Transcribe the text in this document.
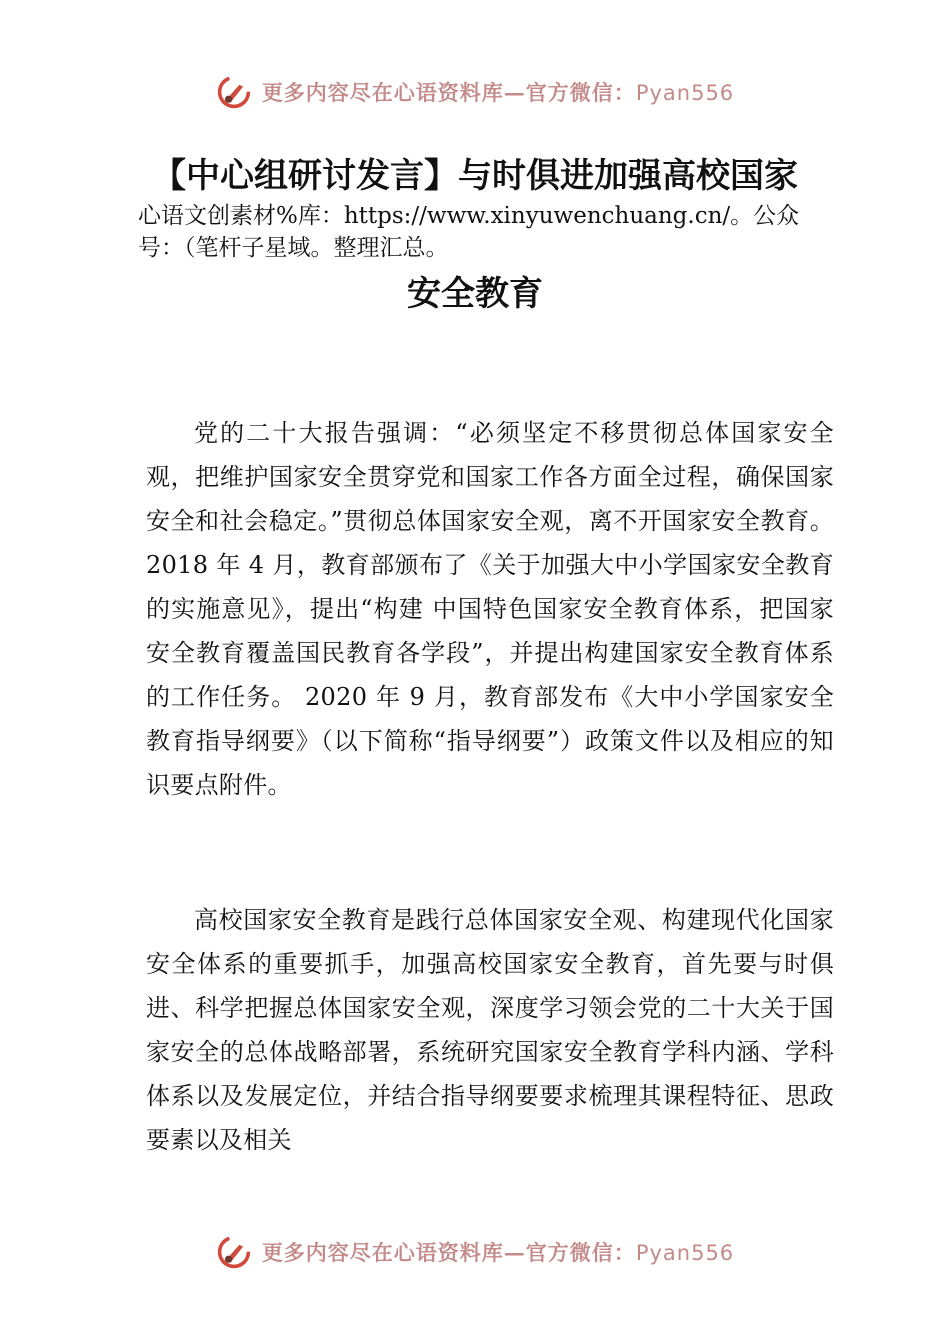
更多内容尽在心语资料库—官方微信：Pyan556
【中心组研讨发言】与时俱进加强高校国家

心语文创素材%库：https://www.xinyuwenchuang.cn/。公众号：（笔杆子星域。整理汇总。

安全教育

党的二十大报告强调：“必须坚定不移贯彻总体国家安全观，把维护国家安全贯穿党和国家工作各方面全过程，确保国家安全和社会稳定。”贯彻总体国家安全观，离不开国家安全教育。2018 年 4 月，教育部颁布了《关于加强大中小学国家安全教育的实施意见》，提出“构建 中国特色国家安全教育体系，把国家安全教育覆盖国民教育各学段”，并提出构建国家安全教育体系的工作任务。 2020 年 9 月，教育部发布《大中小学国家安全教育指导纲要》（以下简称“指导纲要”）政策文件以及相应的知 识要点附件。

高校国家安全教育是践行总体国家安全观、构建现代化国家安全体系的重要抓手，加强高校国家安全教育，首先要与时俱进、科学把握总体国家安全观，深度学习领会党的二十大关于国家安全的总体战略部署，系统研究国家安全教育学科内涵、学科体系以及发展定位，并结合指导纲要要求梳理其课程特征、思政要素以及相关

更多内容尽在心语资料库—官方微信：Pyan556
